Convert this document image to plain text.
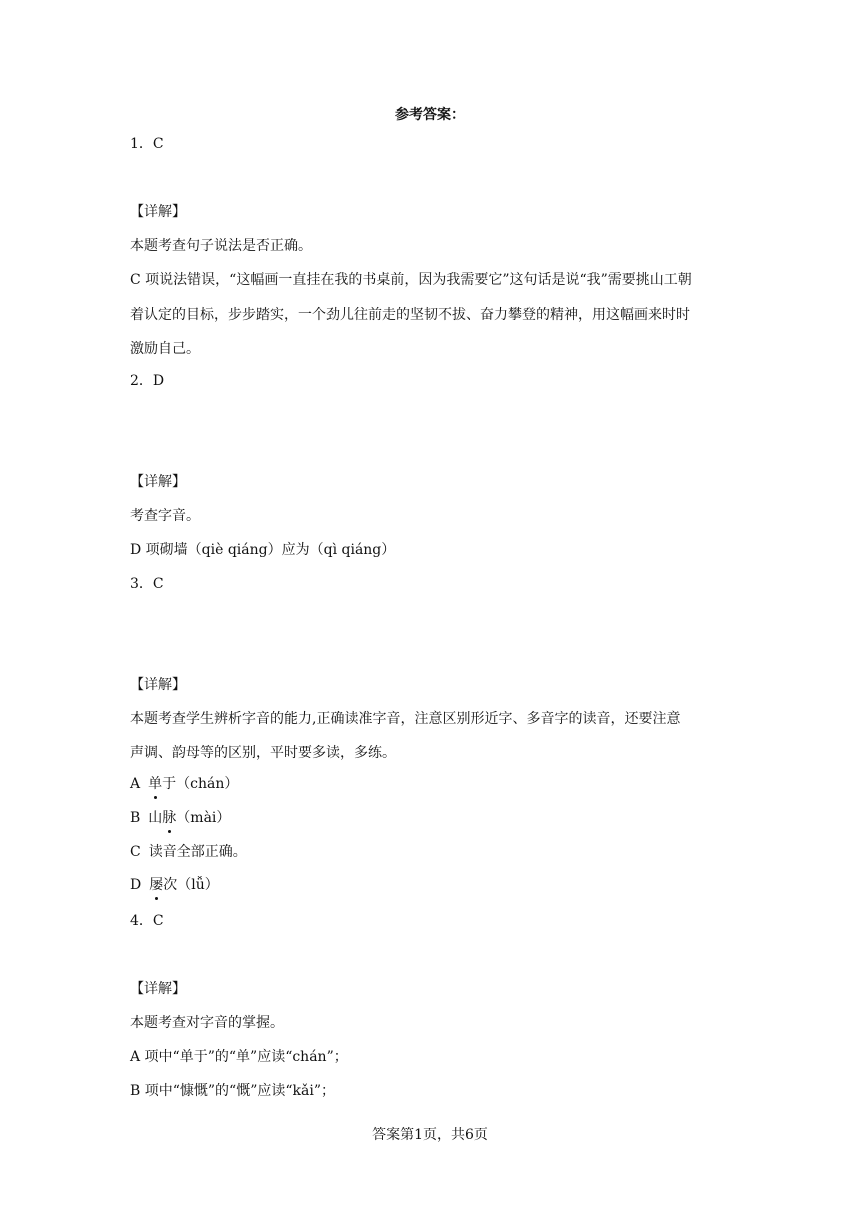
参考答案：
1．C
【详解】
本题考查句子说法是否正确。
C 项说法错误，“这幅画一直挂在我的书桌前，因为我需要它”这句话是说“我”需要挑山工朝
着认定的目标，步步踏实，一个劲儿往前走的坚韧不拔、奋力攀登的精神，用这幅画来时时
激励自己。
2．D
【详解】
考查字音。
D 项砌墙（qiè qiáng）应为（qì qiáng）
3．C
【详解】
本题考查学生辨析字音的能力,正确读准字音，注意区别形近字、多音字的读音，还要注意
声调、韵母等的区别，平时要多读，多练。
A 单于（chán）
B 山脉（mài）
C 读音全部正确。
D 屡次（lǚ）
4．C
【详解】
本题考查对字音的掌握。
A 项中“单于”的“单”应读“chán”；
B 项中“慷慨”的“慨”应读“kǎi”；
答案第1页，共6页
